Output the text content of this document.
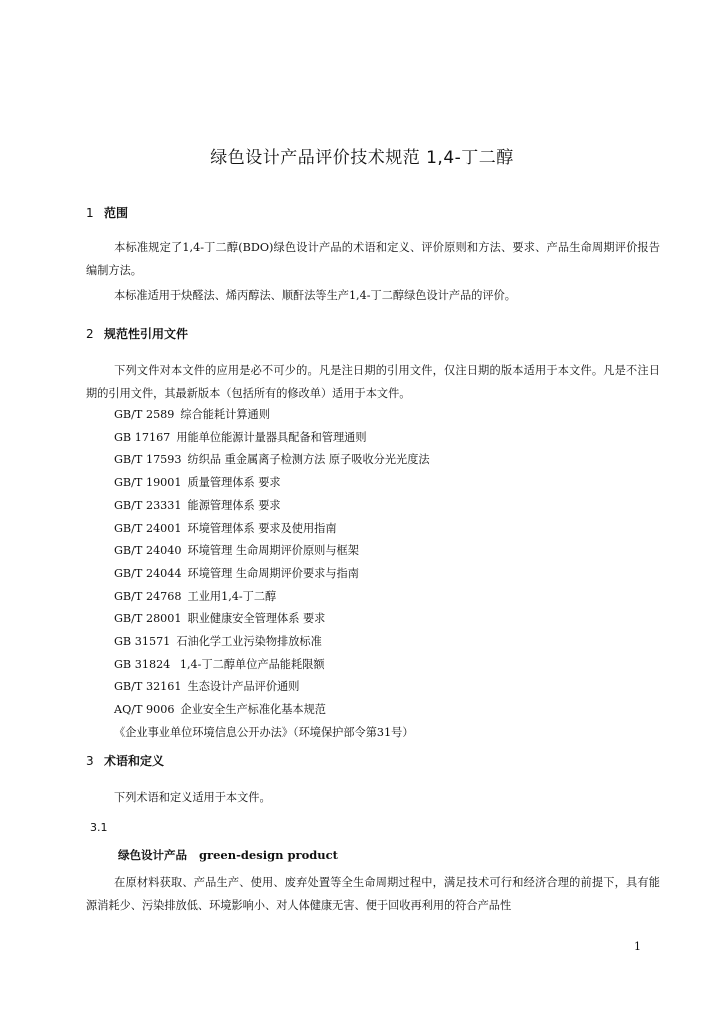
绿色设计产品评价技术规范 1,4-丁二醇
1 范围

本标准规定了1,4-丁二醇(BDO)绿色设计产品的术语和定义、评价原则和方法、要求、产品生命周期评价报告编制方法。

本标准适用于炔醛法、烯丙醇法、顺酐法等生产1,4-丁二醇绿色设计产品的评价。

2 规范性引用文件

下列文件对本文件的应用是必不可少的。凡是注日期的引用文件，仅注日期的版本适用于本文件。凡是不注日期的引用文件，其最新版本（包括所有的修改单）适用于本文件。

GB/T 2589 综合能耗计算通则
GB 17167 用能单位能源计量器具配备和管理通则
GB/T 17593 纺织品 重金属离子检测方法 原子吸收分光光度法
GB/T 19001 质量管理体系 要求
GB/T 23331 能源管理体系 要求
GB/T 24001 环境管理体系 要求及使用指南
GB/T 24040 环境管理 生命周期评价原则与框架
GB/T 24044 环境管理 生命周期评价要求与指南
GB/T 24768 工业用1,4-丁二醇
GB/T 28001 职业健康安全管理体系 要求
GB 31571 石油化学工业污染物排放标准
GB 31824 1,4-丁二醇单位产品能耗限额
GB/T 32161 生态设计产品评价通则
AQ/T 9006 企业安全生产标准化基本规范
《企业事业单位环境信息公开办法》（环境保护部令第31号）
3 术语和定义

下列术语和定义适用于本文件。

3.1
绿色设计产品 green-design product

在原材料获取、产品生产、使用、废弃处置等全生命周期过程中，满足技术可行和经济合理的前提下，具有能源消耗少、污染排放低、环境影响小、对人体健康无害、便于回收再利用的符合产品性

1
